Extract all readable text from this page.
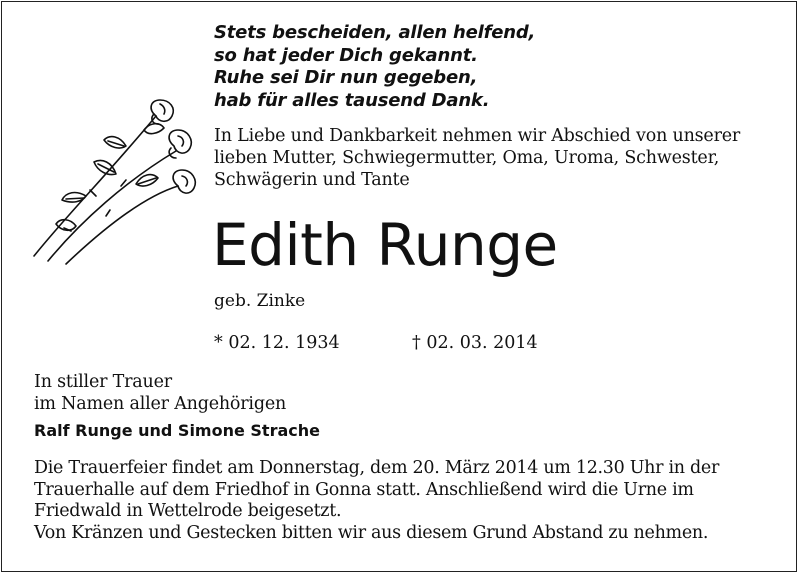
Stets bescheiden, allen helfend,
so hat jeder Dich gekannt.
Ruhe sei Dir nun gegeben,
hab für alles tausend Dank.
In Liebe und Dankbarkeit nehmen wir Abschied von unserer
lieben Mutter, Schwiegermutter, Oma, Uroma, Schwester,
Schwägerin und Tante
Edith Runge
geb. Zinke
* 02. 12. 1934	† 02. 03. 2014
In stiller Trauer
im Namen aller Angehörigen
Ralf Runge und Simone Strache
Die Trauerfeier findet am Donnerstag, dem 20. März 2014 um 12.30 Uhr in der
Trauerhalle auf dem Friedhof in Gonna statt. Anschließend wird die Urne im
Friedwald in Wettelrode beigesetzt.
Von Kränzen und Gestecken bitten wir aus diesem Grund Abstand zu nehmen.
